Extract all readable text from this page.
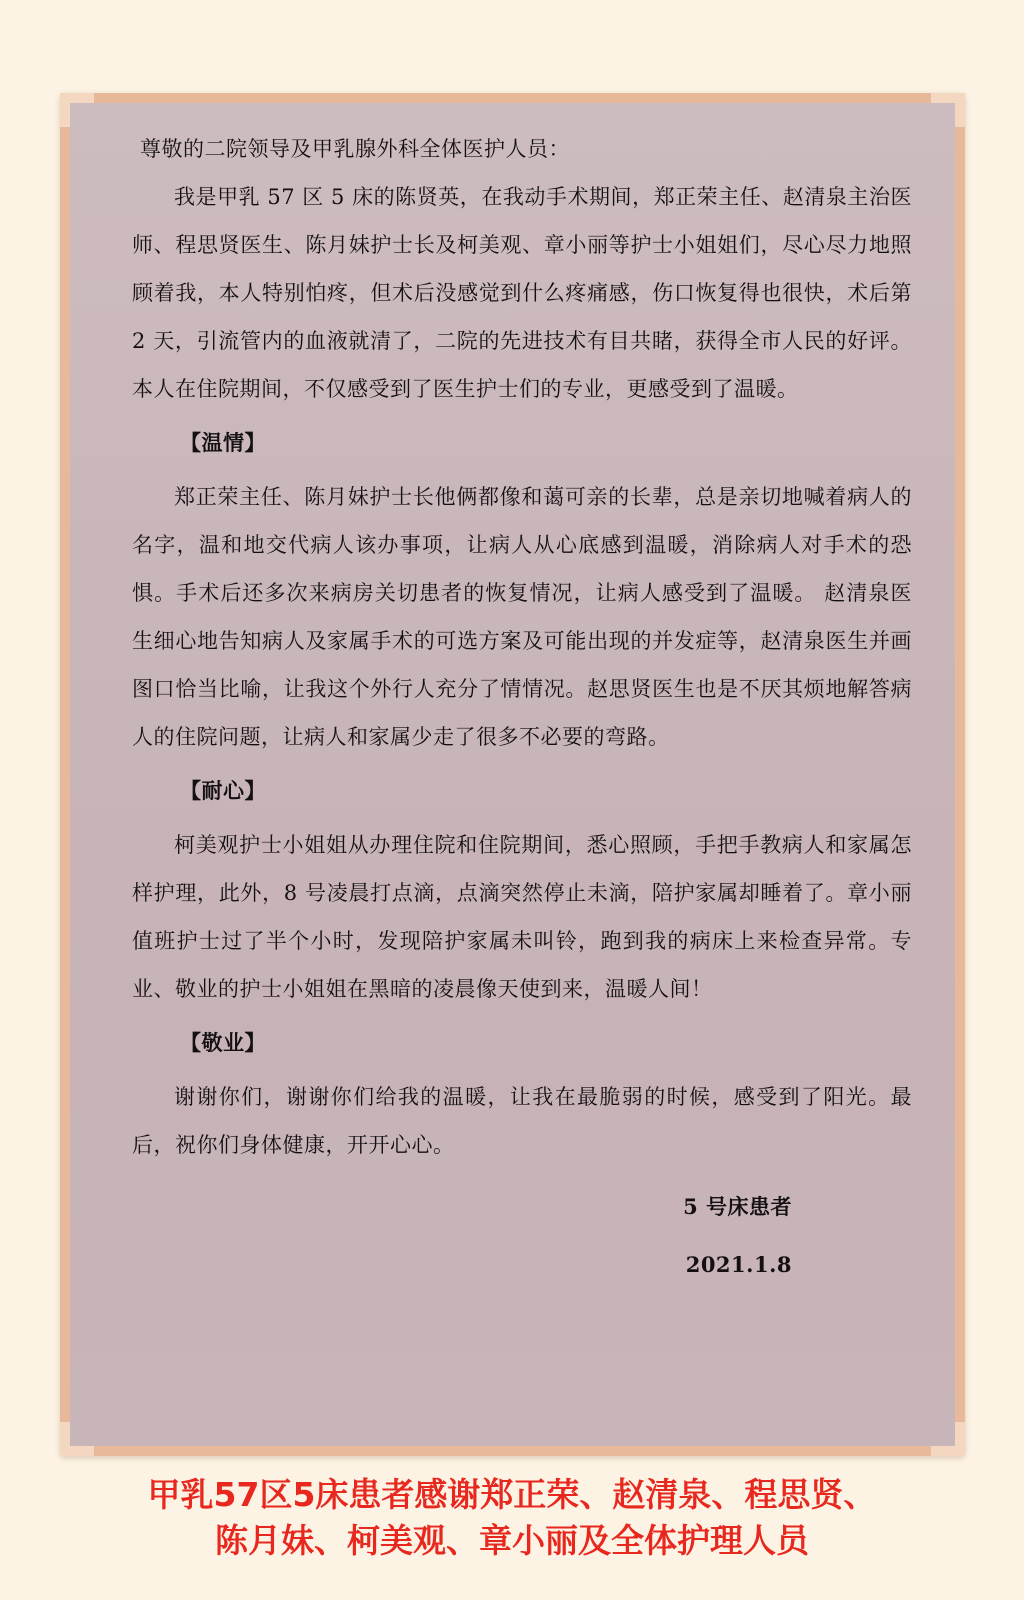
尊敬的二院领导及甲乳腺外科全体医护人员：

我是甲乳 57 区 5 床的陈贤英，在我动手术期间，郑正荣主任、赵清泉主治医师、程思贤医生、陈月妹护士长及柯美观、章小丽等护士小姐姐们，尽心尽力地照顾着我，本人特别怕疼，但术后没感觉到什么疼痛感，伤口恢复得也很快，术后第 2 天，引流管内的血液就清了，二院的先进技术有目共睹，获得全市人民的好评。本人在住院期间，不仅感受到了医生护士们的专业，更感受到了温暖。

【温情】

郑正荣主任、陈月妹护士长他俩都像和蔼可亲的长辈，总是亲切地喊着病人的名字，温和地交代病人该办事项，让病人从心底感到温暖，消除病人对手术的恐惧。手术后还多次来病房关切患者的恢复情况，让病人感受到了温暖。 赵清泉医生细心地告知病人及家属手术的可选方案及可能出现的并发症等，赵清泉医生并画图口恰当比喻，让我这个外行人充分了情情况。赵思贤医生也是不厌其烦地解答病人的住院问题，让病人和家属少走了很多不必要的弯路。

【耐心】

柯美观护士小姐姐从办理住院和住院期间，悉心照顾，手把手教病人和家属怎样护理，此外，8 号凌晨打点滴，点滴突然停止未滴，陪护家属却睡着了。章小丽值班护士过了半个小时，发现陪护家属未叫铃，跑到我的病床上来检查异常。专业、敬业的护士小姐姐在黑暗的凌晨像天使到来，温暖人间！

【敬业】

谢谢你们，谢谢你们给我的温暖，让我在最脆弱的时候，感受到了阳光。最后，祝你们身体健康，开开心心。

5 号床患者

2021.1.8

甲乳57区5床患者感谢郑正荣、赵清泉、程思贤、
陈月妹、柯美观、章小丽及全体护理人员
